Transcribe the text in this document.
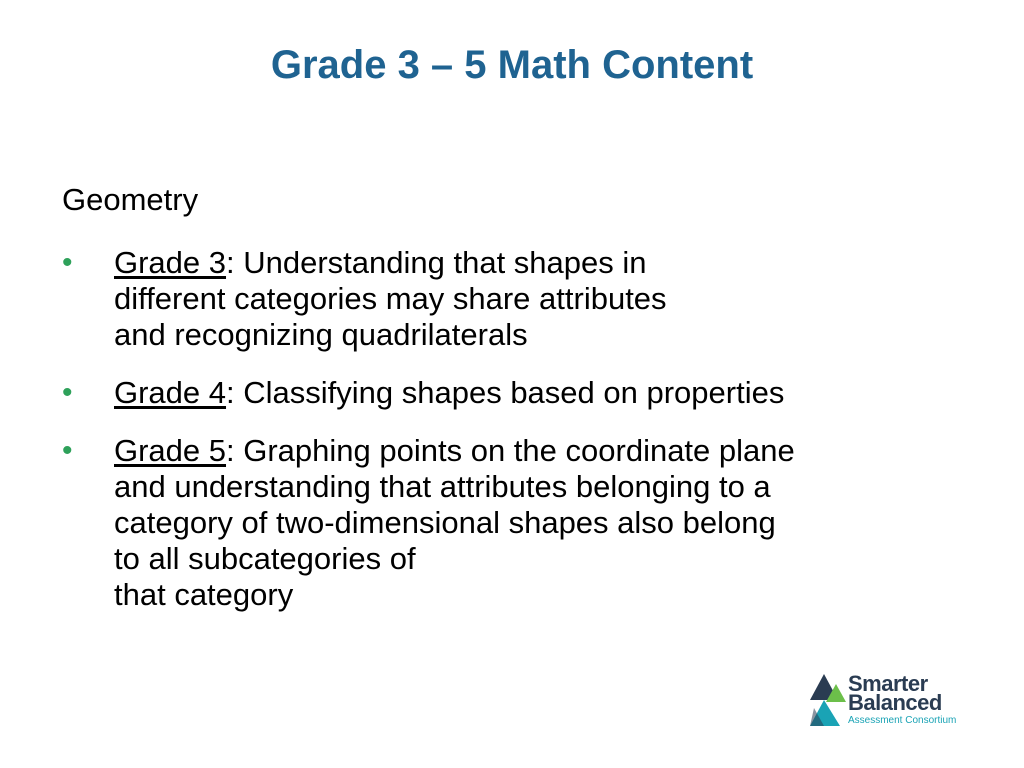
Grade 3 – 5 Math Content
Geometry
• Grade 3: Understanding that shapes in
different categories may share attributes
and recognizing quadrilaterals
• Grade 4: Classifying shapes based on properties
• Grade 5: Graphing points on the coordinate plane
and understanding that attributes belonging to a
category of two-dimensional shapes also belong
to all subcategories of
that category
Smarter
Balanced
Assessment Consortium
